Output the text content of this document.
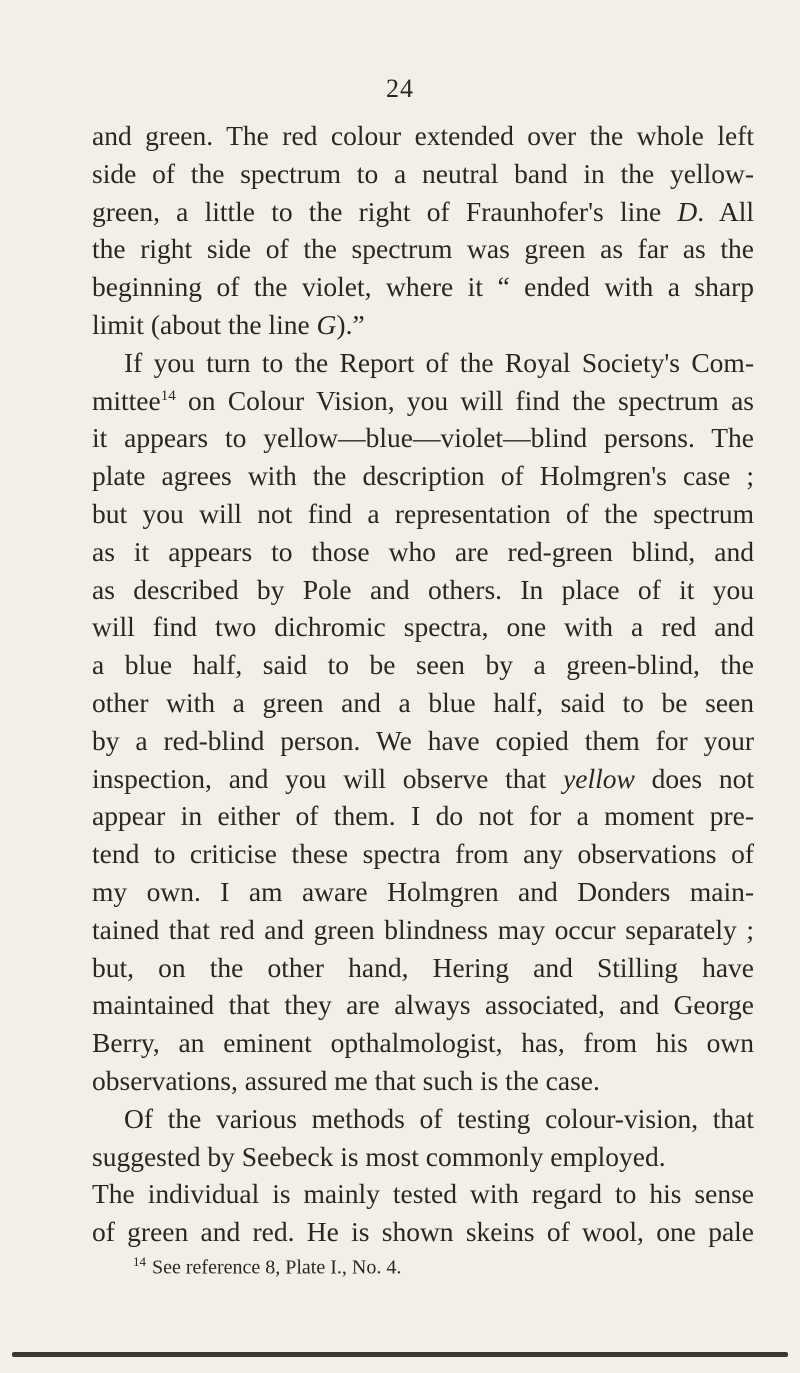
24
and green. The red colour extended over the whole left
side of the spectrum to a neutral band in the yellow-
green, a little to the right of Fraunhofer's line D. All
the right side of the spectrum was green as far as the
beginning of the violet, where it “ ended with a sharp
limit (about the line G).”
If you turn to the Report of the Royal Society's Com-
mittee$^{14}$ on Colour Vision, you will find the spectrum as
it appears to yellow—blue—violet—blind persons. The
plate agrees with the description of Holmgren's case ;
but you will not find a representation of the spectrum
as it appears to those who are red-green blind, and
as described by Pole and others. In place of it you
will find two dichromic spectra, one with a red and
a blue half, said to be seen by a green-blind, the
other with a green and a blue half, said to be seen
by a red-blind person. We have copied them for your
inspection, and you will observe that yellow does not
appear in either of them. I do not for a moment pre-
tend to criticise these spectra from any observations of
my own. I am aware Holmgren and Donders main-
tained that red and green blindness may occur separately ;
but, on the other hand, Hering and Stilling have
maintained that they are always associated, and George
Berry, an eminent opthalmologist, has, from his own
observations, assured me that such is the case.
Of the various methods of testing colour-vision, that
suggested by Seebeck is most commonly employed.
The individual is mainly tested with regard to his sense
of green and red. He is shown skeins of wool, one pale
$^{14}$ See reference 8, Plate I., No. 4.
